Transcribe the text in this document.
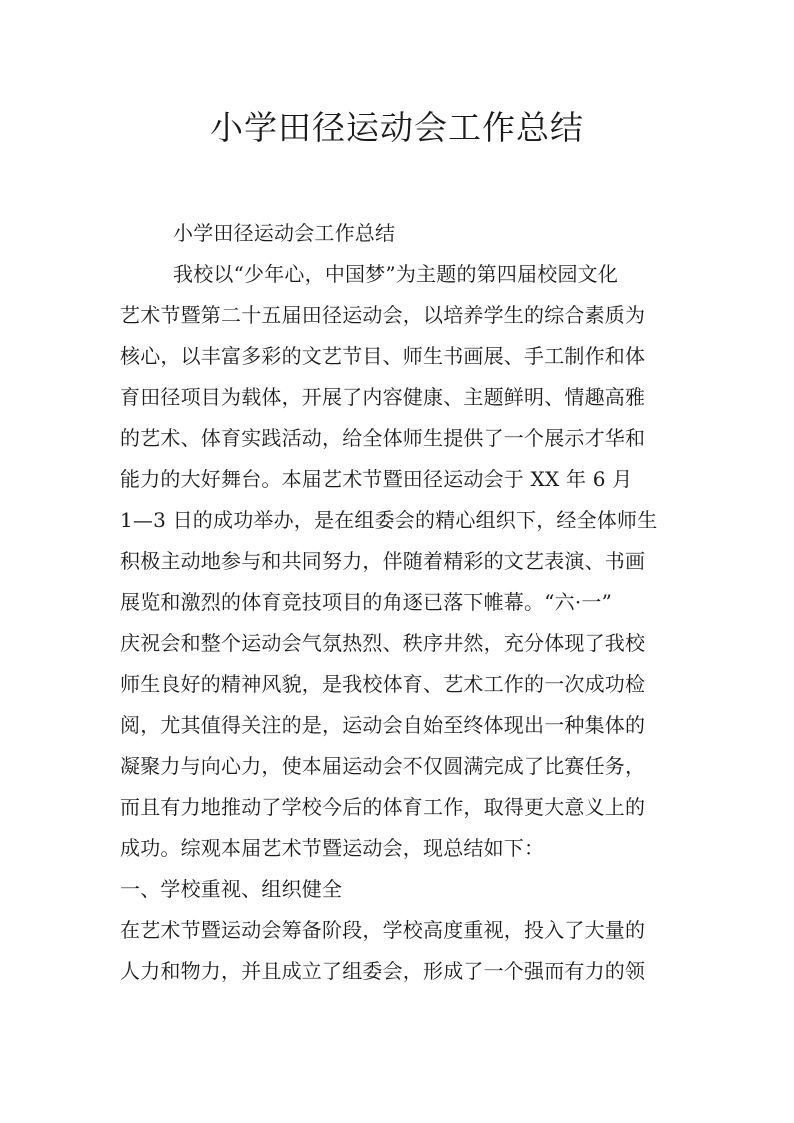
小学田径运动会工作总结
小学田径运动会工作总结
我校以“少年心，中国梦”为主题的第四届校园文化
艺术节暨第二十五届田径运动会，以培养学生的综合素质为
核心，以丰富多彩的文艺节目、师生书画展、手工制作和体
育田径项目为载体，开展了内容健康、主题鲜明、情趣高雅
的艺术、体育实践活动，给全体师生提供了一个展示才华和
能力的大好舞台。本届艺术节暨田径运动会于 XX 年 6 月
1—3 日的成功举办，是在组委会的精心组织下，经全体师生
积极主动地参与和共同努力，伴随着精彩的文艺表演、书画
展览和激烈的体育竞技项目的角逐已落下帷幕。“六·一”
庆祝会和整个运动会气氛热烈、秩序井然，充分体现了我校
师生良好的精神风貌，是我校体育、艺术工作的一次成功检
阅，尤其值得关注的是，运动会自始至终体现出一种集体的
凝聚力与向心力，使本届运动会不仅圆满完成了比赛任务，
而且有力地推动了学校今后的体育工作，取得更大意义上的
成功。综观本届艺术节暨运动会，现总结如下：
一、学校重视、组织健全
在艺术节暨运动会筹备阶段，学校高度重视，投入了大量的
人力和物力，并且成立了组委会，形成了一个强而有力的领
